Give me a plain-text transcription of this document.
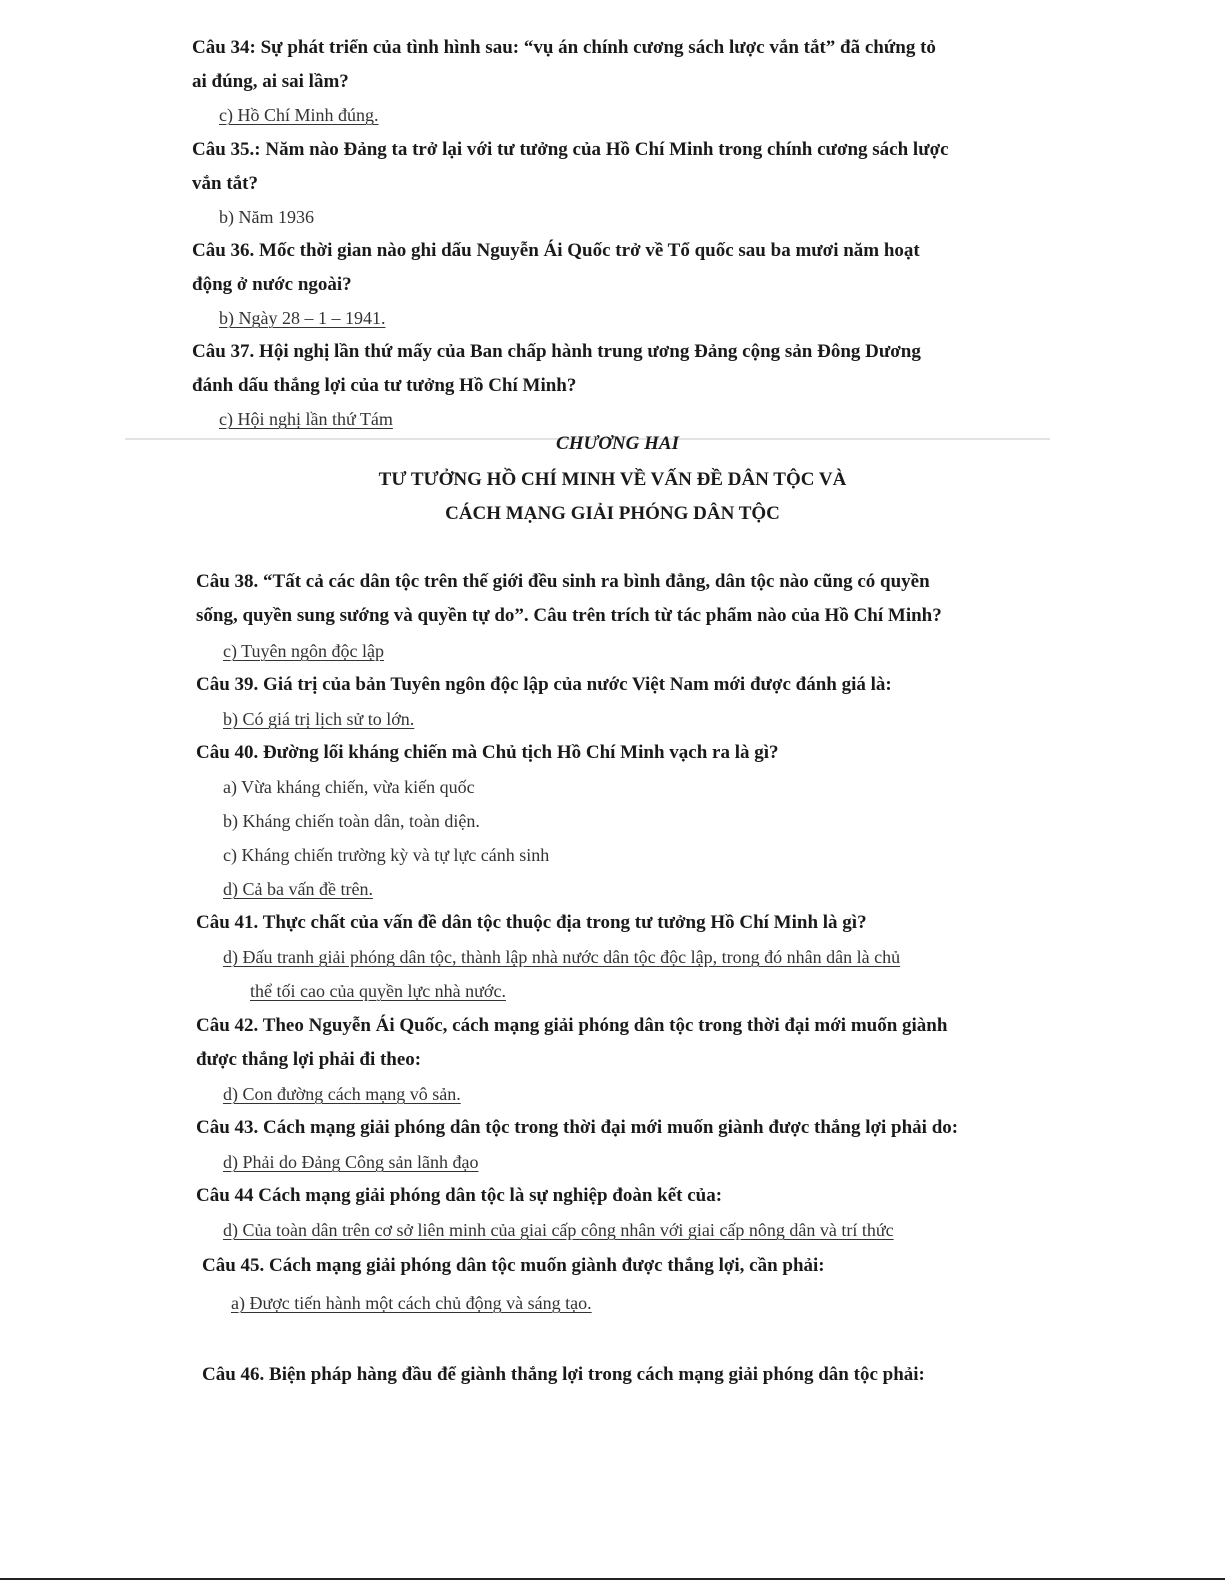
Câu 34: Sự phát triển của tình hình sau: “vụ án chính cương sách lược vắn tắt” đã chứng tỏ
ai đúng, ai sai lầm?
c) Hồ Chí Minh đúng.
Câu 35.: Năm nào Đảng ta trở lại với tư tưởng của Hồ Chí Minh trong chính cương sách lược
vắn tắt?
b) Năm 1936
Câu 36. Mốc thời gian nào ghi dấu Nguyễn Ái Quốc trở về Tổ quốc sau ba mươi năm hoạt
động ở nước ngoài?
b) Ngày 28 – 1 – 1941.
Câu 37. Hội nghị lần thứ mấy của Ban chấp hành trung ương Đảng cộng sản Đông Dương
đánh dấu thắng lợi của tư tưởng Hồ Chí Minh?
c) Hội nghị lần thứ Tám
CHƯƠNG HAI
TƯ TƯỞNG HỒ CHÍ MINH VỀ VẤN ĐỀ DÂN TỘC VÀ
CÁCH MẠNG GIẢI PHÓNG DÂN TỘC
Câu 38. “Tất cả các dân tộc trên thế giới đều sinh ra bình đẳng, dân tộc nào cũng có quyền
sống, quyền sung sướng và quyền tự do”. Câu trên trích từ tác phẩm nào của Hồ Chí Minh?
c) Tuyên ngôn độc lập
Câu 39. Giá trị của bản Tuyên ngôn độc lập của nước Việt Nam mới được đánh giá là:
b) Có giá trị lịch sử to lớn.
Câu 40. Đường lối kháng chiến mà Chủ tịch Hồ Chí Minh vạch ra là gì?
a) Vừa kháng chiến, vừa kiến quốc
b) Kháng chiến toàn dân, toàn diện.
c) Kháng chiến trường kỳ và tự lực cánh sinh
d) Cả ba vấn đề trên.
Câu 41. Thực chất của vấn đề dân tộc thuộc địa trong tư tưởng Hồ Chí Minh là gì?
d) Đấu tranh giải phóng dân tộc, thành lập nhà nước dân tộc độc lập, trong đó nhân dân là chủ
thể tối cao của quyền lực nhà nước.
Câu 42. Theo Nguyễn Ái Quốc, cách mạng giải phóng dân tộc trong thời đại mới muốn giành
được thắng lợi phải đi theo:
d) Con đường cách mạng vô sản.
Câu 43. Cách mạng giải phóng dân tộc trong thời đại mới muốn giành được thắng lợi phải do:
d) Phải do Đảng Công sản lãnh đạo
Câu 44 Cách mạng giải phóng dân tộc là sự nghiệp đoàn kết của:
d) Của toàn dân trên cơ sở liên minh của giai cấp công nhân với giai cấp nông dân và trí thức
Câu 45. Cách mạng giải phóng dân tộc muốn giành được thắng lợi, cần phải:
a) Được tiến hành một cách chủ động và sáng tạo.
Câu 46. Biện pháp hàng đầu để giành thắng lợi trong cách mạng giải phóng dân tộc phải:
